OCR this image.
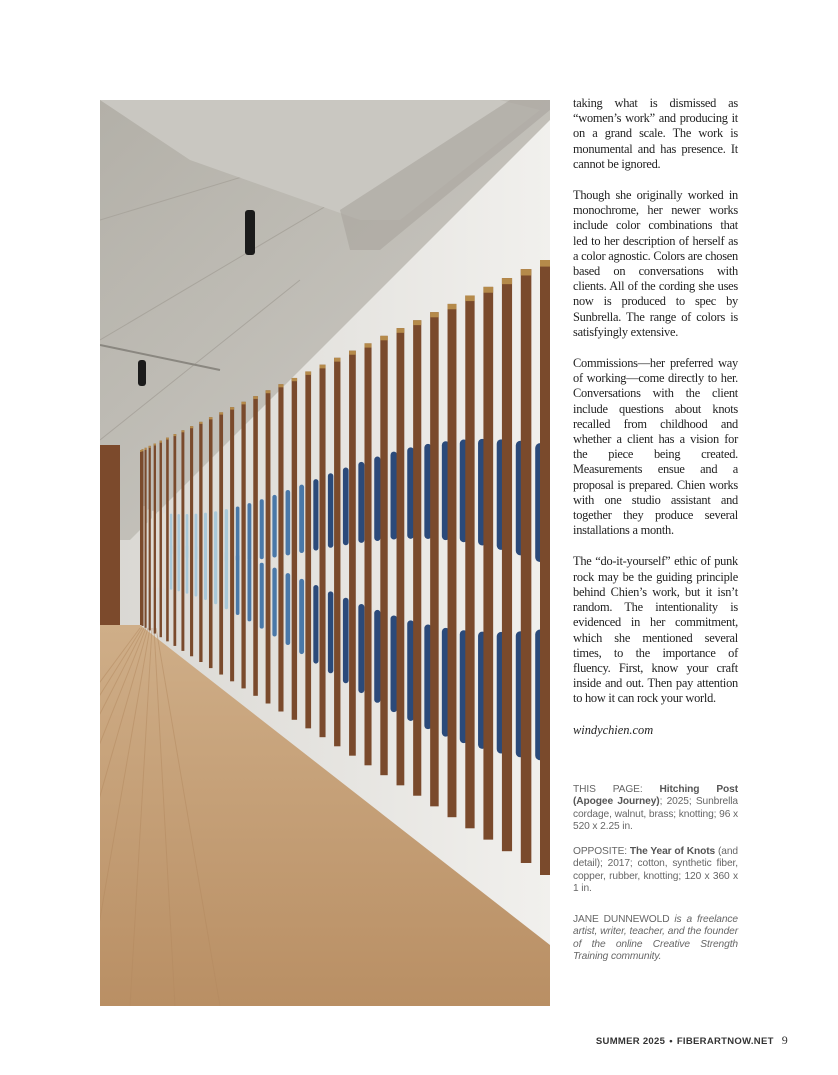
taking what is dismissed as “women’s work” and producing it on a grand scale. The work is monumental and has presence. It cannot be ignored.

Though she originally worked in monochrome, her newer works include color combinations that led to her description of herself as a color agnostic. Colors are chosen based on conversations with clients. All of the cording she uses now is produced to spec by Sunbrella. The range of colors is satisfyingly extensive.

Commissions—her preferred way of working—come directly to her. Conversations with the client include questions about knots recalled from childhood and whether a client has a vision for the piece being created. Measurements ensue and a proposal is prepared. Chien works with one studio assistant and together they produce several installations a month.

The “do-it-yourself” ethic of punk rock may be the guiding principle behind Chien’s work, but it isn’t random. The intentionality is evidenced in her commitment, which she mentioned several times, to the importance of fluency. First, know your craft inside and out. Then pay attention to how it can rock your world.

windychien.com

THIS PAGE: Hitching Post (Apogee Journey); 2025; Sunbrella cordage, walnut, brass; knotting; 96 x 520 x 2.25 in.

OPPOSITE: The Year of Knots (and detail); 2017; cotton, synthetic fiber, copper, rubber, knotting; 120 x 360 x 1 in.

JANE DUNNEWOLD is a freelance artist, writer, teacher, and the founder of the online Creative Strength Training community.
SUMMER 2025 • FIBERARTNOW.NET 9
